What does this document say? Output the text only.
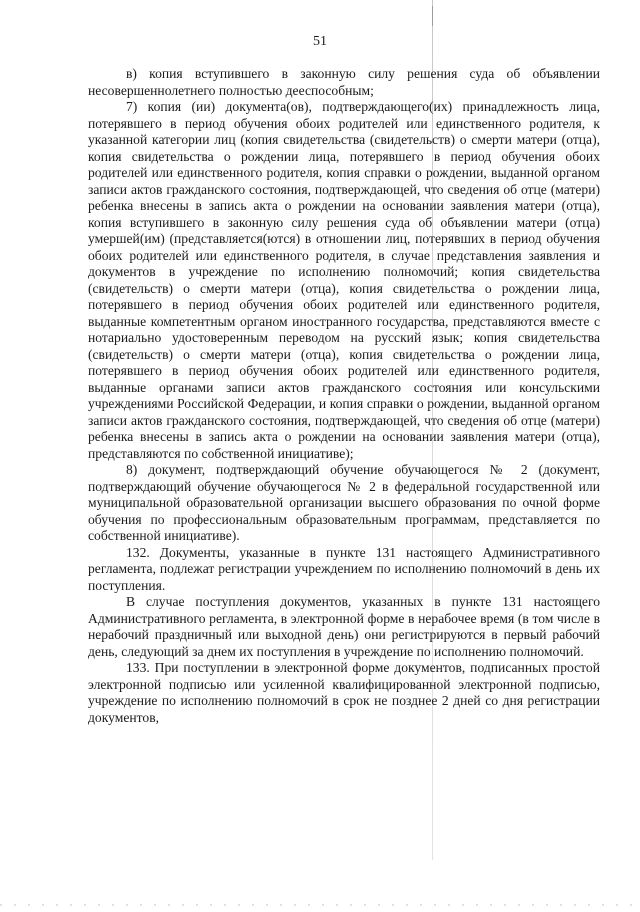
51

в) копия вступившего в законную силу решения суда об объявлении несовершеннолетнего полностью дееспособным;

7) копия (ии) документа(ов), подтверждающего(их) принадлежность лица, потерявшего в период обучения обоих родителей или единственного родителя, к указанной категории лиц (копия свидетельства (свидетельств) о смерти матери (отца), копия свидетельства о рождении лица, потерявшего в период обучения обоих родителей или единственного родителя, копия справки о рождении, выданной органом записи актов гражданского состояния, подтверждающей, что сведения об отце (матери) ребенка внесены в запись акта о рождении на основании заявления матери (отца), копия вступившего в законную силу решения суда об объявлении матери (отца) умершей(им) (представляется(ются) в отношении лиц, потерявших в период обучения обоих родителей или единственного родителя, в случае представления заявления и документов в учреждение по исполнению полномочий; копия свидетельства (свидетельств) о смерти матери (отца), копия свидетельства о рождении лица, потерявшего в период обучения обоих родителей или единственного родителя, выданные компетентным органом иностранного государства, представляются вместе с нотариально удостоверенным переводом на русский язык; копия свидетельства (свидетельств) о смерти матери (отца), копия свидетельства о рождении лица, потерявшего в период обучения обоих родителей или единственного родителя, выданные органами записи актов гражданского состояния или консульскими учреждениями Российской Федерации, и копия справки о рождении, выданной органом записи актов гражданского состояния, подтверждающей, что сведения об отце (матери) ребенка внесены в запись акта о рождении на основании заявления матери (отца), представляются по собственной инициативе);

8) документ, подтверждающий обучение обучающегося № 2 (документ, подтверждающий обучение обучающегося № 2 в федеральной государственной или муниципальной образовательной организации высшего образования по очной форме обучения по профессиональным образовательным программам, представляется по собственной инициативе).

132. Документы, указанные в пункте 131 настоящего Административного регламента, подлежат регистрации учреждением по исполнению полномочий в день их поступления.

В случае поступления документов, указанных в пункте 131 настоящего Административного регламента, в электронной форме в нерабочее время (в том числе в нерабочий праздничный или выходной день) они регистрируются в первый рабочий день, следующий за днем их поступления в учреждение по исполнению полномочий.

133. При поступлении в электронной форме документов, подписанных простой электронной подписью или усиленной квалифицированной электронной подписью, учреждение по исполнению полномочий в срок не позднее 2 дней со дня регистрации документов,
